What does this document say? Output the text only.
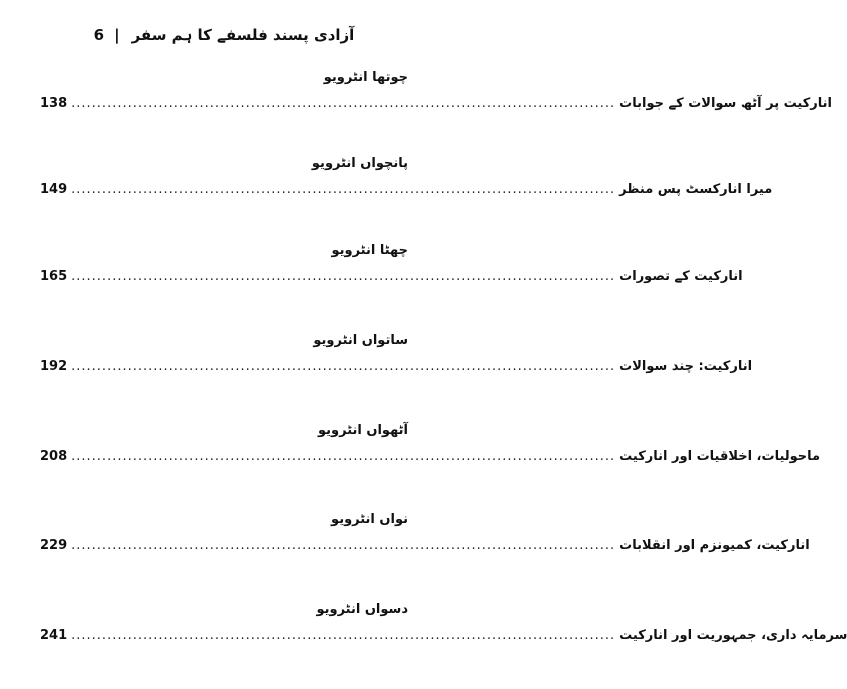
6 | آزادی پسند فلسفے کا ہم سفر
چوتھا انٹرویو
138 .......................................................................................................... انارکیت پر آٹھ سوالات کے جوابات
پانچواں انٹرویو
149 .......................................................................................................... میرا انارکسٹ پس منظر
چھٹا انٹرویو
165 .......................................................................................................... انارکیت کے تصورات
ساتواں انٹرویو
192 .......................................................................................................... انارکیت: چند سوالات
آٹھواں انٹرویو
208 .......................................................................................................... ماحولیات، اخلاقیات اور انارکیت
نواں انٹرویو
229 .......................................................................................................... انارکیت، کمیونزم اور انقلابات
دسواں انٹرویو
241 .......................................................................................................... سرمایہ داری، جمہوریت اور انارکیت
